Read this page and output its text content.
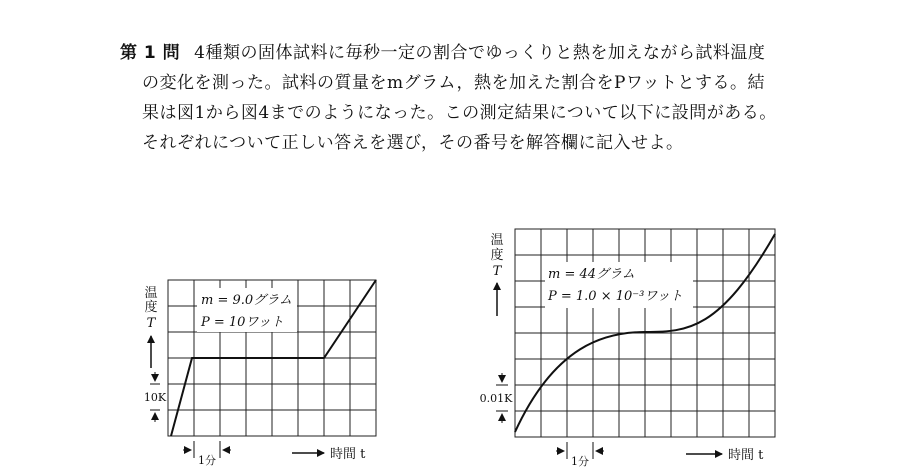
第 1 問 4種類の固体試料に毎秒一定の割合でゆっくりと熱を加えながら試料温度
の変化を測った。試料の質量をmグラム，熱を加えた割合をPワットとする。結
果は図1から図4までのようになった。この測定結果について以下に設問がある。
それぞれについて正しい答えを選び，その番号を解答欄に記入せよ。
m = 9.0グラム
P = 10ワット
温
度
T
10K
1分	時間 t
m = 44グラム
P = 1.0 × 10⁻³ワット
温
度
T
0.01K
1分	時間 t
